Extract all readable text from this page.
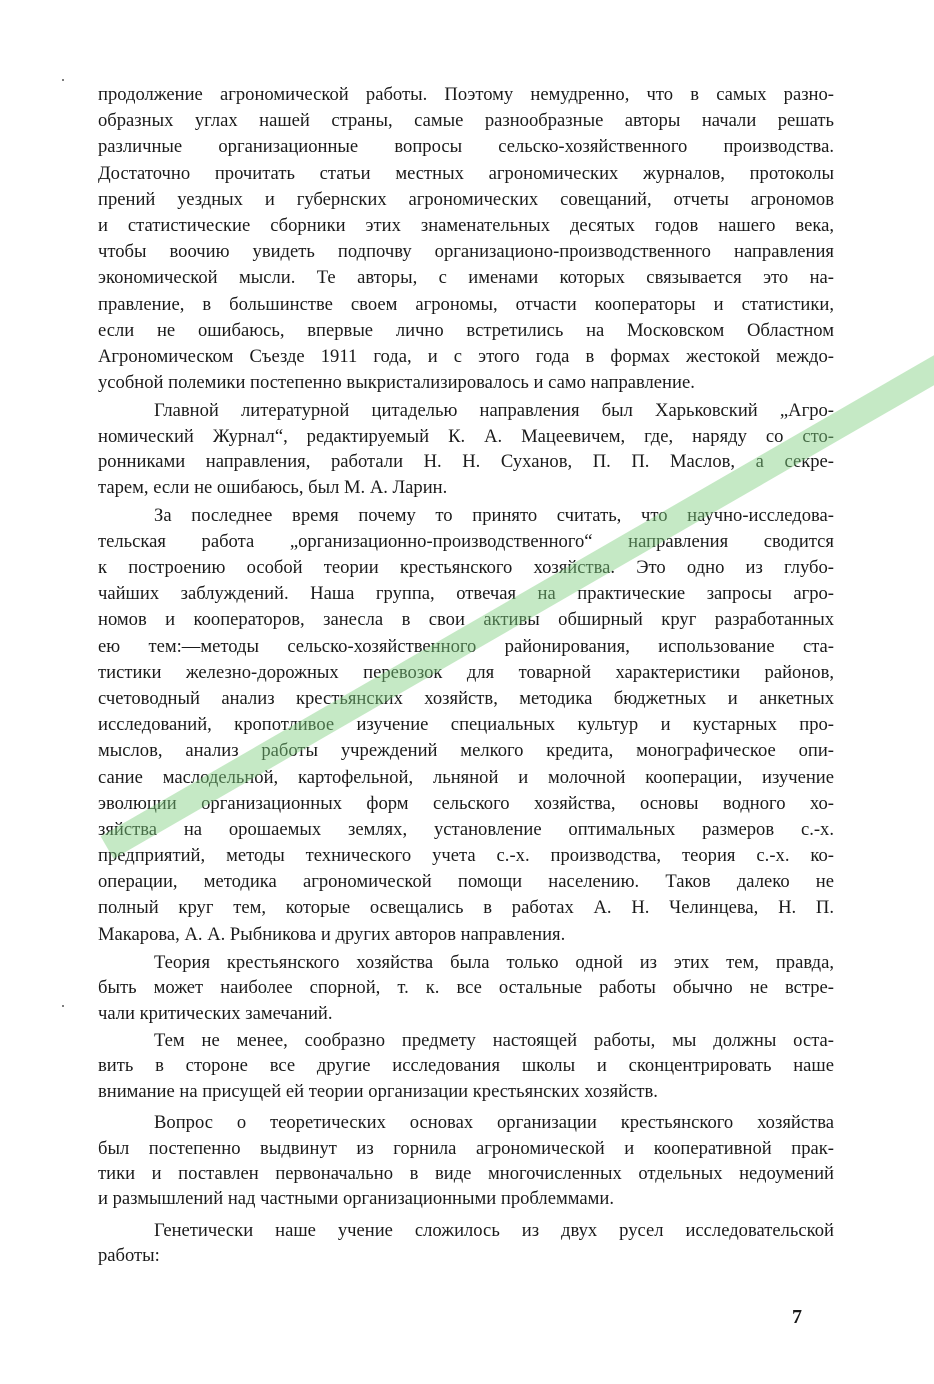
продолжение агрономической работы. Поэтому немудренно, что в самых разно-
образных углах нашей страны, самые разнообразные авторы начали решать
различные организационные вопросы сельско-хозяйственного производства.
Достаточно прочитать статьи местных агрономических журналов, протоколы
прений уездных и губернских агрономических совещаний, отчеты агрономов
и статистические сборники этих знаменательных десятых годов нашего века,
чтобы воочию увидеть подпочву организационо-производственного направления
экономической мысли. Те авторы, с именами которых связывается это на-
правление, в большинстве своем агрономы, отчасти кооператоры и статистики,
если не ошибаюсь, впервые лично встретились на Московском Областном
Агрономическом Съезде 1911 года, и с этого года в формах жестокой междо-
усобной полемики постепенно выкристализировалось и само направление.
Главной литературной цитаделью направления был Харьковский „Агро-
номический Журнал“, редактируемый К. А. Мацеевичем, где, наряду со сто-
ронниками направления, работали Н. Н. Суханов, П. П. Маслов, а секре-
тарем, если не ошибаюсь, был М. А. Ларин.
За последнее время почему то принято считать, что научно-исследова-
тельская работа „организационно-производственного“ направления сводится
к построению особой теории крестьянского хозяйства. Это одно из глубо-
чайших заблуждений. Наша группа, отвечая на практические запросы агро-
номов и кооператоров, занесла в свои активы обширный круг разработанных
ею тем:—методы сельско-хозяйственного районирования, использование ста-
тистики железно-дорожных перевозок для товарной характеристики районов,
счетоводный анализ крестьянских хозяйств, методика бюджетных и анкетных
исследований, кропотливое изучение специальных культур и кустарных про-
мыслов, анализ работы учреждений мелкого кредита, монографическое опи-
сание маслодельной, картофельной, льняной и молочной кооперации, изучение
эволюции организационных форм сельского хозяйства, основы водного хо-
зяйства на орошаемых землях, установление оптимальных размеров с.-х.
предприятий, методы технического учета с.-х. производства, теория с.-х. ко-
операции, методика агрономической помощи населению. Таков далеко не
полный круг тем, которые освещались в работах А. Н. Челинцева, Н. П.
Макарова, А. А. Рыбникова и других авторов направления.
Теория крестьянского хозяйства была только одной из этих тем, правда,
быть может наиболее спорной, т. к. все остальные работы обычно не встре-
чали критических замечаний.
Тем не менее, сообразно предмету настоящей работы, мы должны оста-
вить в стороне все другие исследования школы и сконцентрировать наше
внимание на присущей ей теории организации крестьянских хозяйств.
Вопрос о теоретических основах организации крестьянского хозяйства
был постепенно выдвинут из горнила агрономической и кооперативной прак-
тики и поставлен первоначально в виде многочисленных отдельных недоумений
и размышлений над частными организационными проблеммами.
Генетически наше учение сложилось из двух русел исследовательской
работы:
7
